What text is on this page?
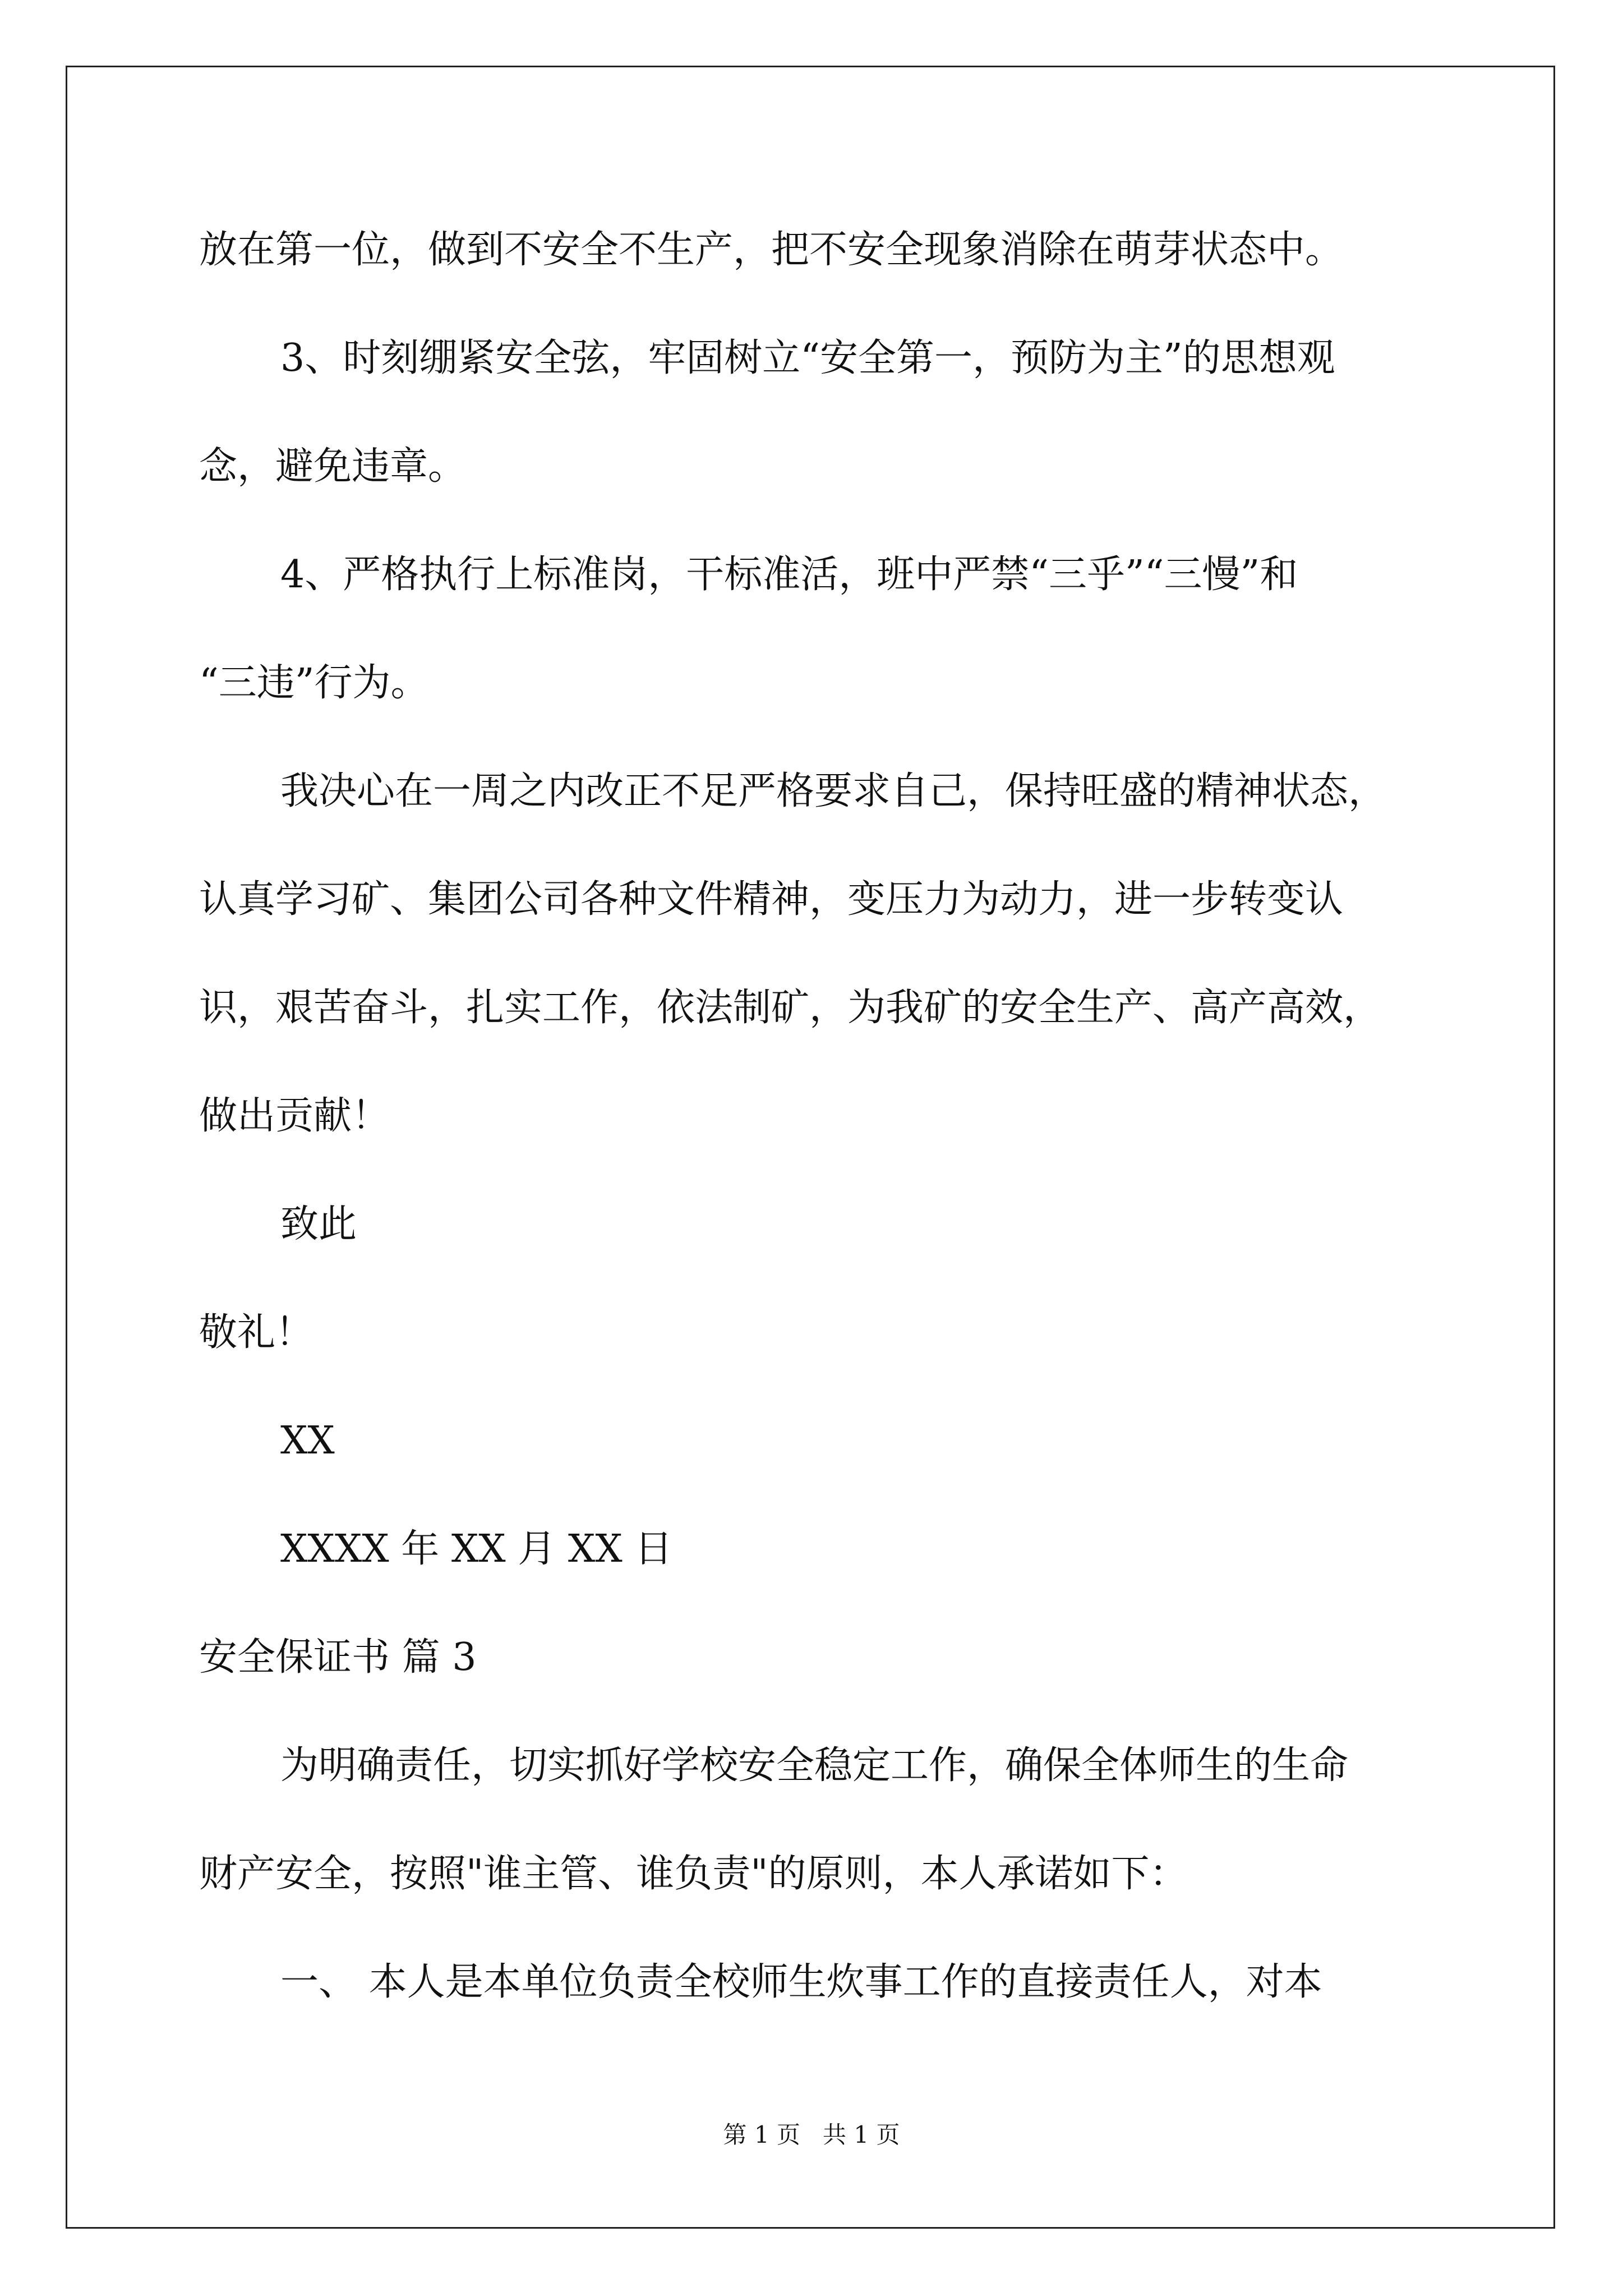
放在第一位，做到不安全不生产，把不安全现象消除在萌芽状态中。
3、时刻绷紧安全弦，牢固树立“安全第一，预防为主”的思想观
念，避免违章。
4、严格执行上标准岗，干标准活，班中严禁“三乎”“三慢”和
“三违”行为。
我决心在一周之内改正不足严格要求自己，保持旺盛的精神状态，
认真学习矿、集团公司各种文件精神，变压力为动力，进一步转变认
识，艰苦奋斗，扎实工作，依法制矿，为我矿的安全生产、高产高效，
做出贡献！
致此
敬礼！
XX
XXXX 年 XX 月 XX 日
安全保证书 篇 3
为明确责任，切实抓好学校安全稳定工作，确保全体师生的生命
财产安全，按照"谁主管、谁负责"的原则，本人承诺如下：
一、 本人是本单位负责全校师生炊事工作的直接责任人，对本
第 1 页   共 1 页
